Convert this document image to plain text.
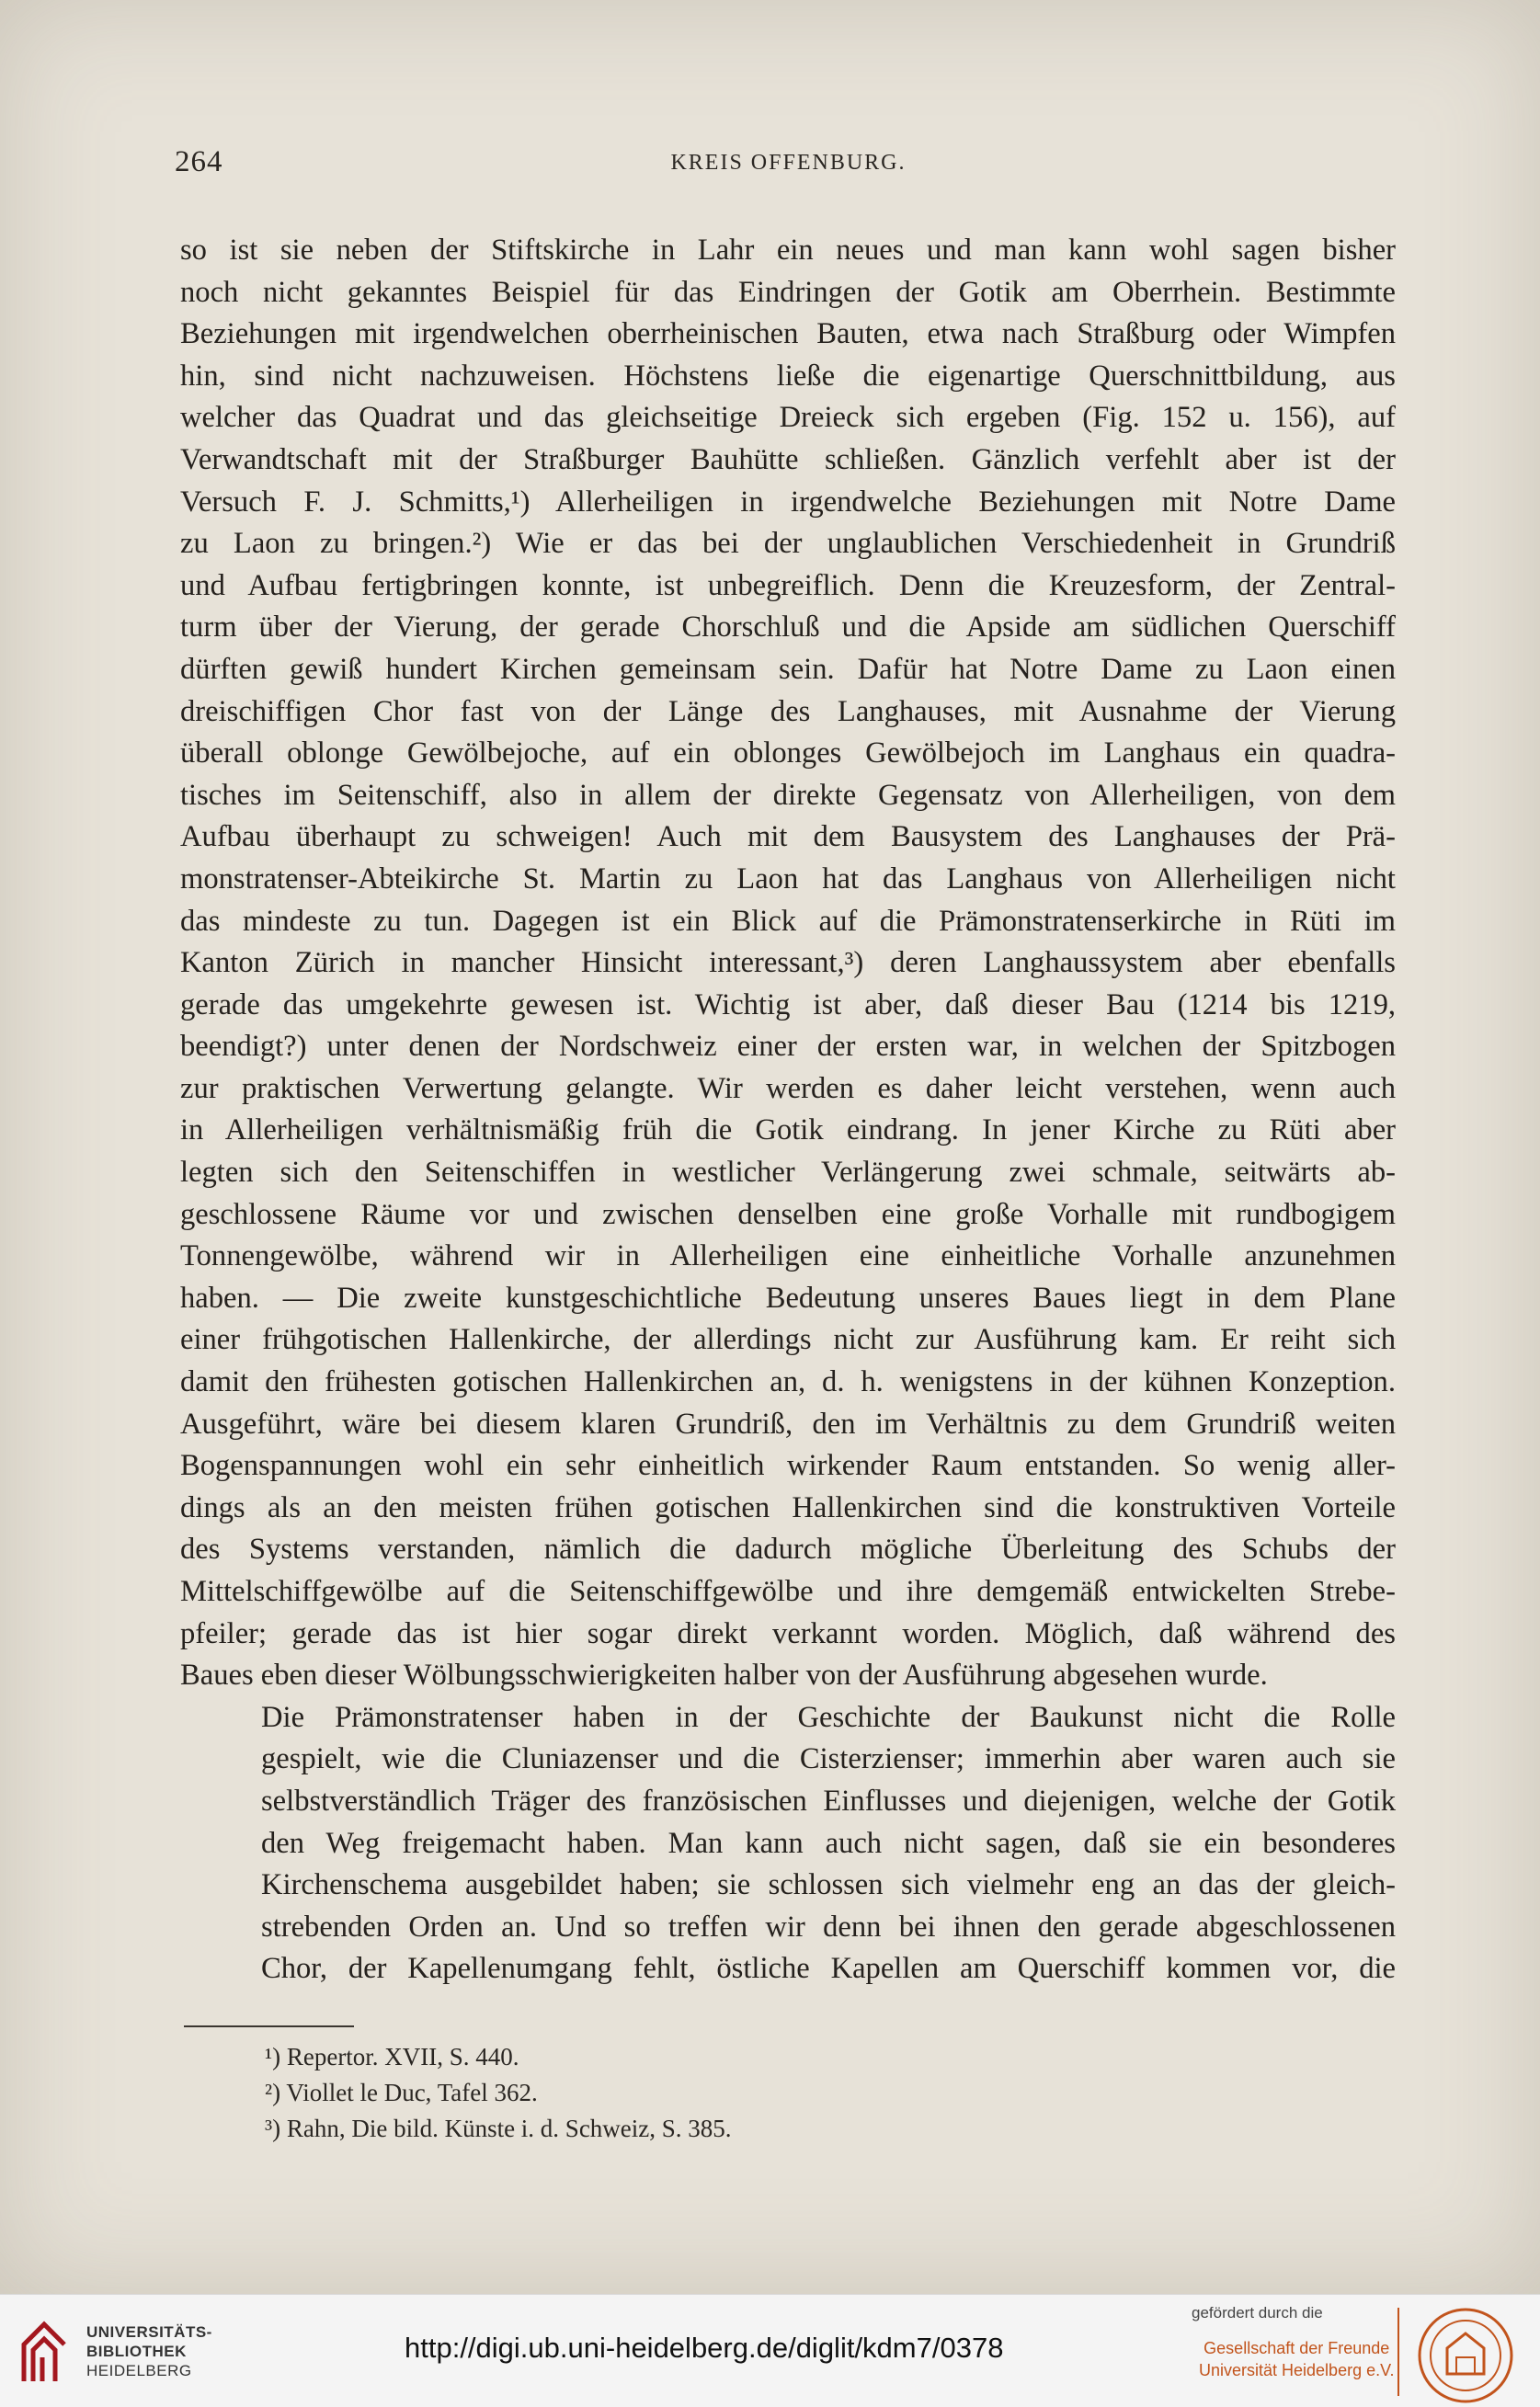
264	KREIS OFFENBURG.

so ist sie neben der Stiftskirche in Lahr ein neues und man kann wohl sagen bisher
noch nicht gekanntes Beispiel für das Eindringen der Gotik am Oberrhein. Bestimmte
Beziehungen mit irgendwelchen oberrheinischen Bauten, etwa nach Straßburg oder Wimpfen
hin, sind nicht nachzuweisen. Höchstens ließe die eigenartige Querschnittbildung, aus
welcher das Quadrat und das gleichseitige Dreieck sich ergeben (Fig. 152 u. 156), auf
Verwandtschaft mit der Straßburger Bauhütte schließen. Gänzlich verfehlt aber ist der
Versuch F. J. Schmitts,¹) Allerheiligen in irgendwelche Beziehungen mit Notre Dame
zu Laon zu bringen.²) Wie er das bei der unglaublichen Verschiedenheit in Grundriß
und Aufbau fertigbringen konnte, ist unbegreiflich. Denn die Kreuzesform, der Zentral-
turm über der Vierung, der gerade Chorschluß und die Apside am südlichen Querschiff
dürften gewiß hundert Kirchen gemeinsam sein. Dafür hat Notre Dame zu Laon einen
dreischiffigen Chor fast von der Länge des Langhauses, mit Ausnahme der Vierung
überall oblonge Gewölbejoche, auf ein oblonges Gewölbejoch im Langhaus ein quadra-
tisches im Seitenschiff, also in allem der direkte Gegensatz von Allerheiligen, von dem
Aufbau überhaupt zu schweigen! Auch mit dem Bausystem des Langhauses der Prä-
monstratenser-Abteikirche St. Martin zu Laon hat das Langhaus von Allerheiligen nicht
das mindeste zu tun. Dagegen ist ein Blick auf die Prämonstratenserkirche in Rüti im
Kanton Zürich in mancher Hinsicht interessant,³) deren Langhaussystem aber ebenfalls
gerade das umgekehrte gewesen ist. Wichtig ist aber, daß dieser Bau (1214 bis 1219,
beendigt?) unter denen der Nordschweiz einer der ersten war, in welchen der Spitzbogen
zur praktischen Verwertung gelangte. Wir werden es daher leicht verstehen, wenn auch
in Allerheiligen verhältnismäßig früh die Gotik eindrang. In jener Kirche zu Rüti aber
legten sich den Seitenschiffen in westlicher Verlängerung zwei schmale, seitwärts ab-
geschlossene Räume vor und zwischen denselben eine große Vorhalle mit rundbogigem
Tonnengewölbe, während wir in Allerheiligen eine einheitliche Vorhalle anzunehmen
haben. — Die zweite kunstgeschichtliche Bedeutung unseres Baues liegt in dem Plane
einer frühgotischen Hallenkirche, der allerdings nicht zur Ausführung kam. Er reiht sich
damit den frühesten gotischen Hallenkirchen an, d. h. wenigstens in der kühnen Konzeption.
Ausgeführt, wäre bei diesem klaren Grundriß, den im Verhältnis zu dem Grundriß weiten
Bogenspannungen wohl ein sehr einheitlich wirkender Raum entstanden. So wenig aller-
dings als an den meisten frühen gotischen Hallenkirchen sind die konstruktiven Vorteile
des Systems verstanden, nämlich die dadurch mögliche Überleitung des Schubs der
Mittelschiffgewölbe auf die Seitenschiffgewölbe und ihre demgemäß entwickelten Strebe-
pfeiler; gerade das ist hier sogar direkt verkannt worden. Möglich, daß während des
Baues eben dieser Wölbungsschwierigkeiten halber von der Ausführung abgesehen wurde.

Die Prämonstratenser haben in der Geschichte der Baukunst nicht die Rolle
gespielt, wie die Cluniazenser und die Cisterzienser; immerhin aber waren auch sie
selbstverständlich Träger des französischen Einflusses und diejenigen, welche der Gotik
den Weg freigemacht haben. Man kann auch nicht sagen, daß sie ein besonderes
Kirchenschema ausgebildet haben; sie schlossen sich vielmehr eng an das der gleich-
strebenden Orden an. Und so treffen wir denn bei ihnen den gerade abgeschlossenen
Chor, der Kapellenumgang fehlt, östliche Kapellen am Querschiff kommen vor, die

¹) Repertor. XVII, S. 440.
²) Viollet le Duc, Tafel 362.
³) Rahn, Die bild. Künste i. d. Schweiz, S. 385.
UNIVERSITÄTS-
BIBLIOTHEK
HEIDELBERG
http://digi.ub.uni-heidelberg.de/diglit/kdm7/0378
gefördert durch die
Gesellschaft der Freunde
Universität Heidelberg e.V.
